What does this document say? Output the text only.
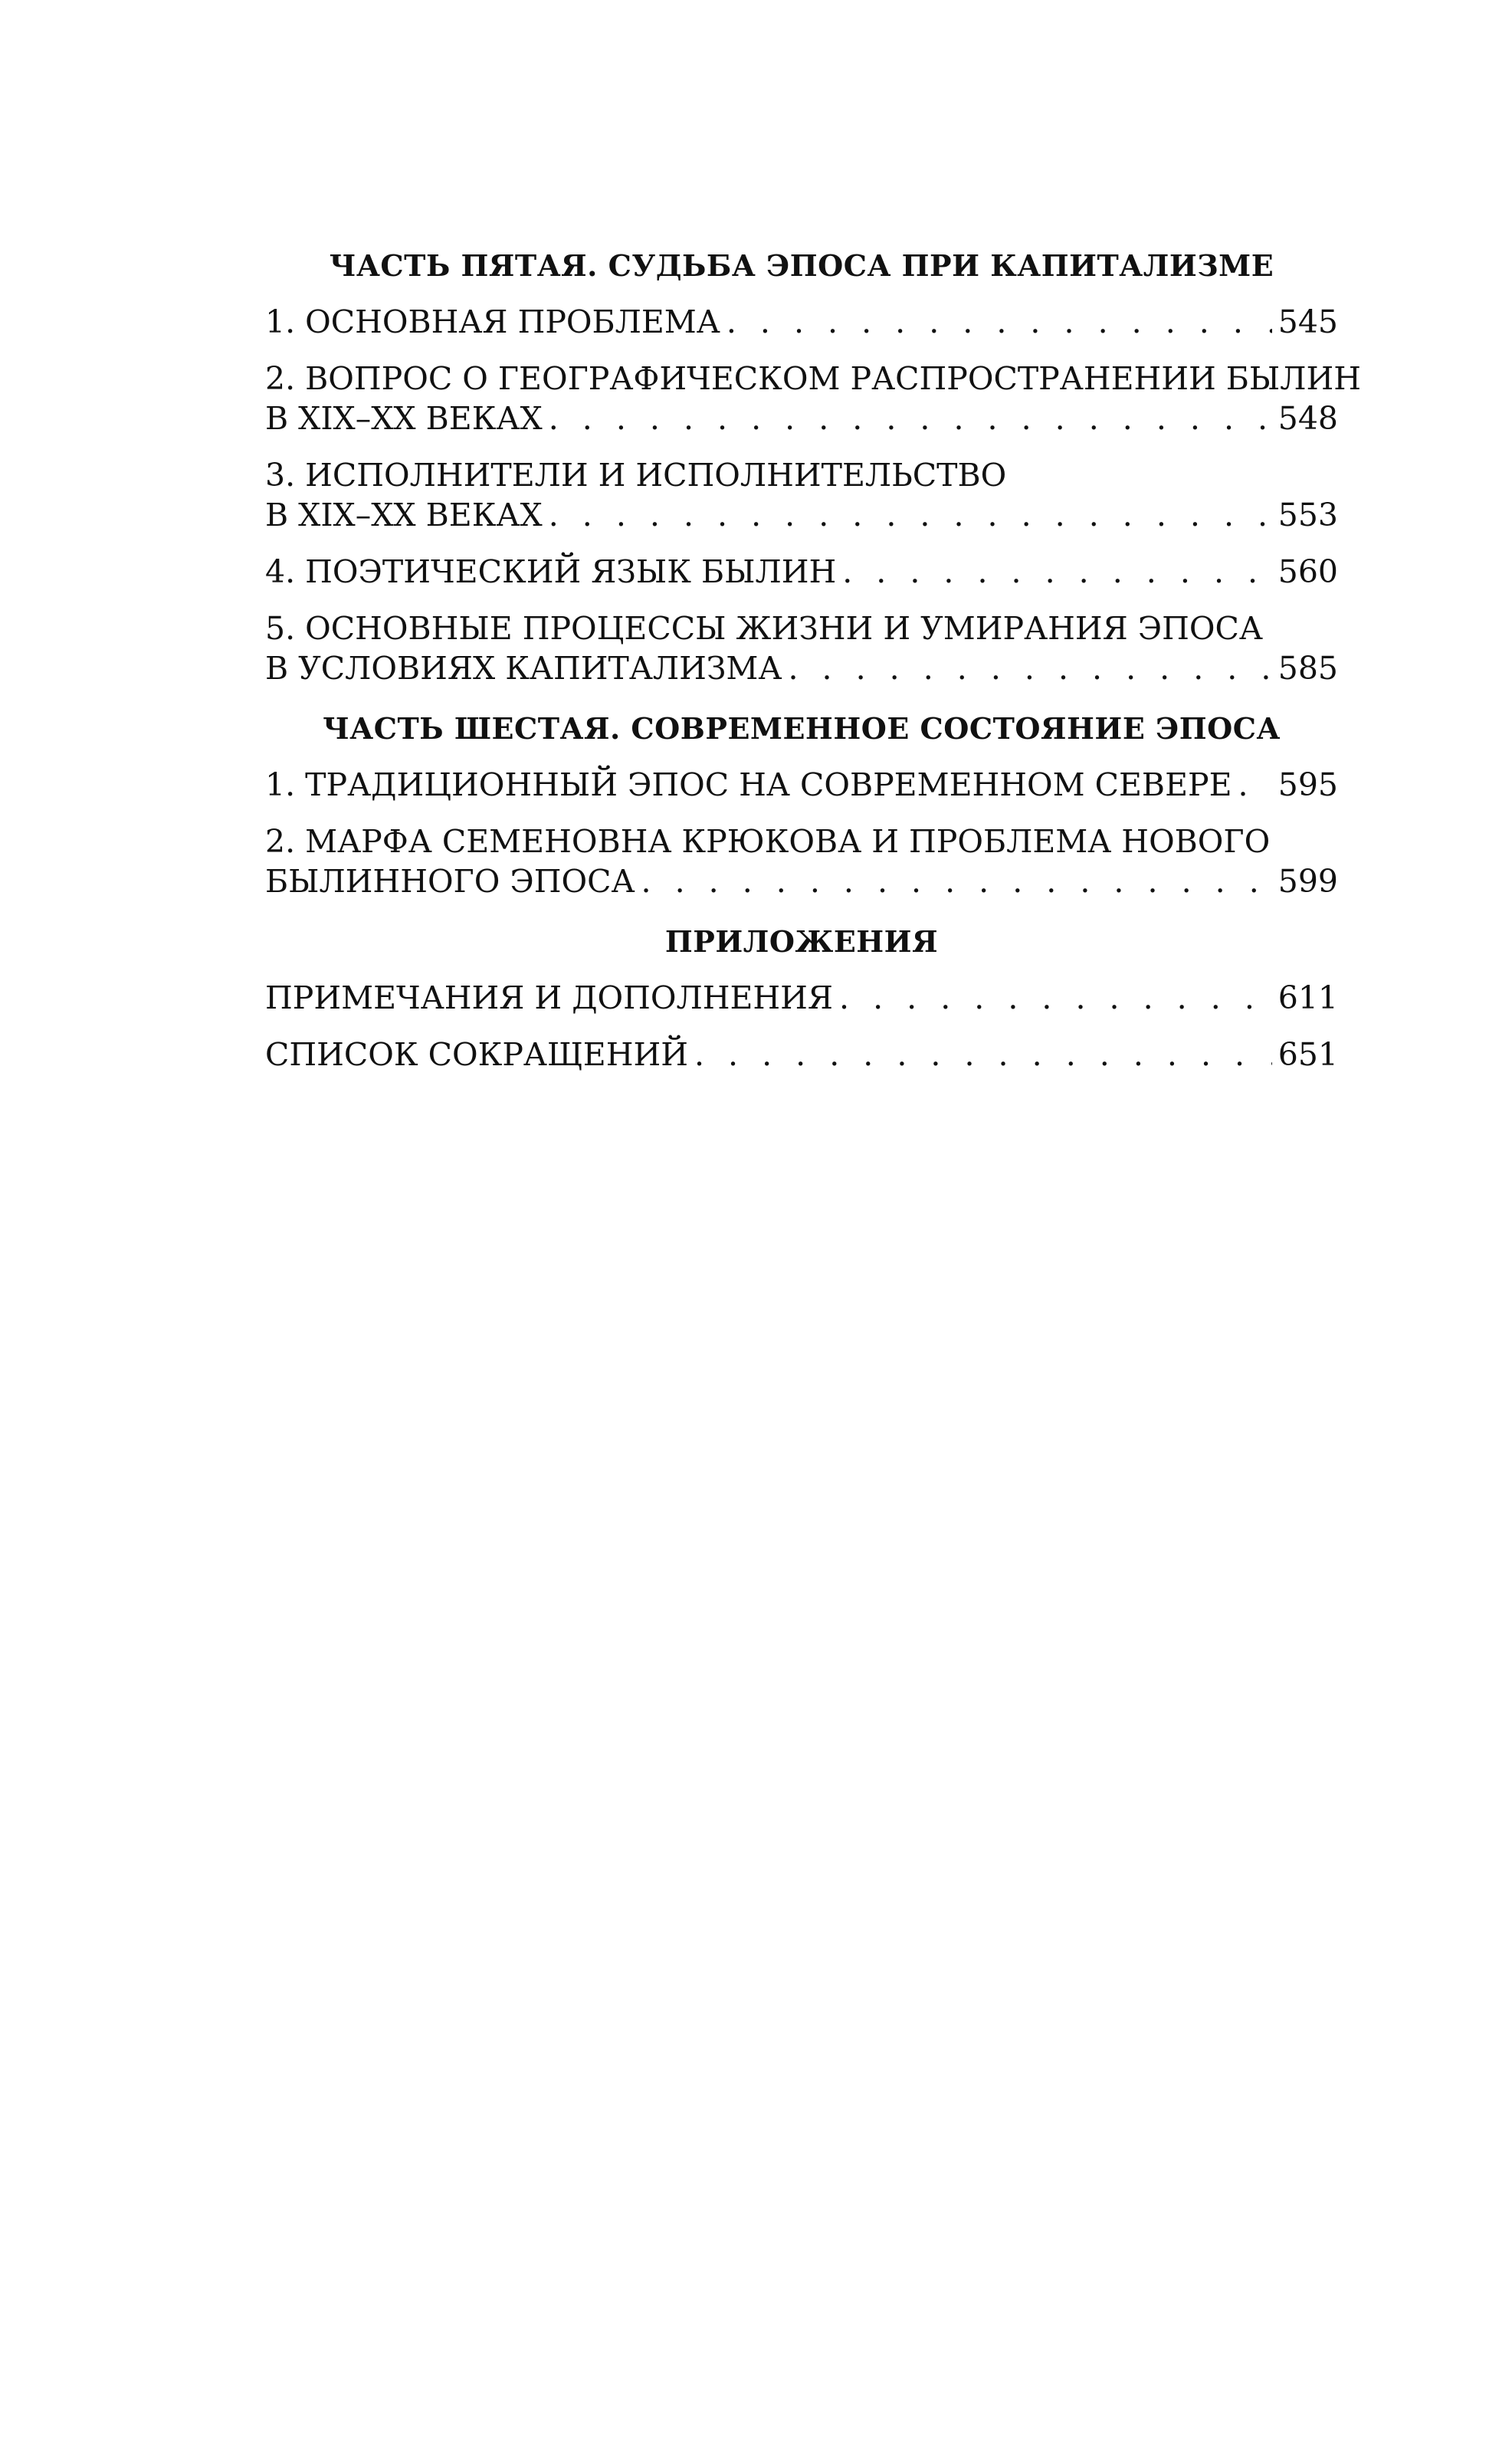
ЧАСТЬ ПЯТАЯ. СУДЬБА ЭПОСА ПРИ КАПИТАЛИЗМЕ
1. ОСНОВНАЯ ПРОБЛЕМА . . .	545
2. ВОПРОС О ГЕОГРАФИЧЕСКОМ РАСПРОСТРАНЕНИИ БЫЛИН
В XIX–XX ВЕКАХ . . .	548
3. ИСПОЛНИТЕЛИ И ИСПОЛНИТЕЛЬСТВО
В XIX–XX ВЕКАХ . . .	553
4. ПОЭТИЧЕСКИЙ ЯЗЫК БЫЛИН . . .	560
5. ОСНОВНЫЕ ПРОЦЕССЫ ЖИЗНИ И УМИРАНИЯ ЭПОСА
В УСЛОВИЯХ КАПИТАЛИЗМА . . .	585
ЧАСТЬ ШЕСТАЯ. СОВРЕМЕННОЕ СОСТОЯНИЕ ЭПОСА
1. ТРАДИЦИОННЫЙ ЭПОС НА СОВРЕМЕННОМ СЕВЕРЕ . . . 595
2. МАРФА СЕМЕНОВНА КРЮКОВА И ПРОБЛЕМА НОВОГО
БЫЛИННОГО ЭПОСА . . .	599
ПРИЛОЖЕНИЯ
ПРИМЕЧАНИЯ И ДОПОЛНЕНИЯ . . .	611
СПИСОК СОКРАЩЕНИЙ . . .	651
